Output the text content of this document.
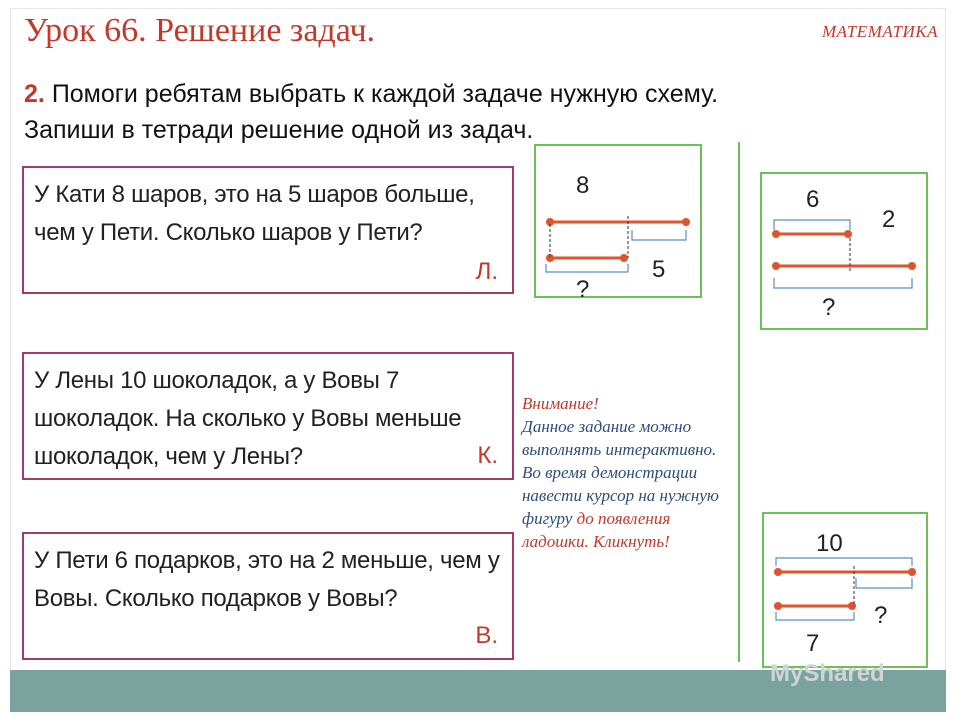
Урок 66. Решение задач.	МАТЕМАТИКА
2. Помоги ребятам выбрать к каждой задаче нужную схему.
Запиши в тетради решение одной из задач.
У Кати 8 шаров, это на 5 шаров больше, чем у Пети. Сколько шаров у Пети?
Л.
У Лены 10 шоколадок, а у Вовы 7 шоколадок. На сколько у Вовы меньше шоколадок, чем у Лены?	К.
У Пети 6 подарков, это на 2 меньше, чем у Вовы. Сколько подарков у Вовы?
В.
8
5
?
6
2
?
10
?
7
Внимание!
Данное задание можно выполнять интерактивно. Во время демонстрации навести курсор на нужную фигуру до появления ладошки. Кликнуть!
MyShared
